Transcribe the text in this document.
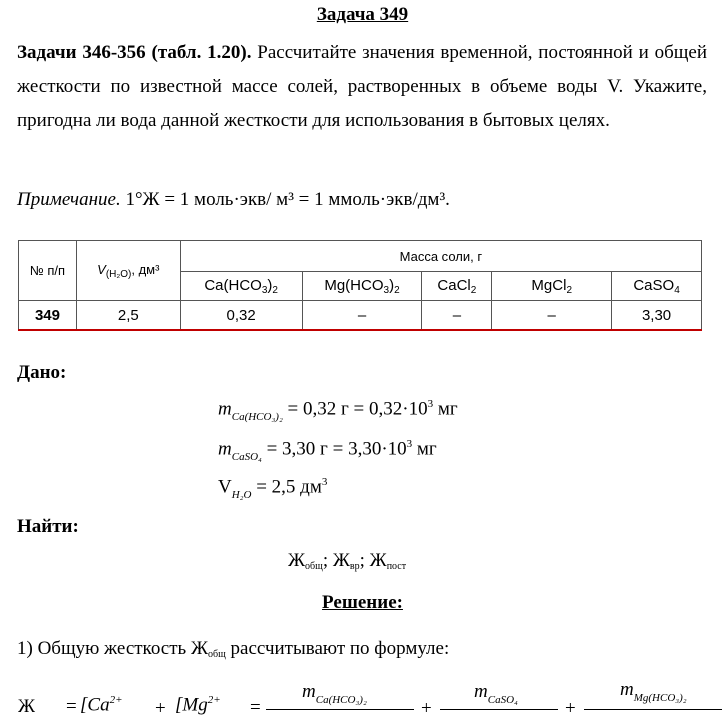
Задача 349
Задачи 346-356 (табл. 1.20). Рассчитайте значения временной, постоянной и общей жесткости по известной массе солей, растворенных в объеме воды V. Укажите, пригодна ли вода данной жесткости для использования в бытовых целях.
Примечание. 1°Ж = 1 моль·экв/ м³ = 1 ммоль·экв/дм³.
№ п/п	$V_{(H_2O)}$, дм³	Масса соли, г				
		$Ca(HCO_3)_2$	$Mg(HCO_3)_2$	CaCl$_2$	MgCl$_2$	CaSO$_4$
349	2,5	0,32	–	–	–	3,30
Дано:
$m_{Ca(HCO_3)_2} = 0,32$ $г = 0,32\cdot 10^3$ мг
$m_{CaSO_4} = 3,30$ $г = 3,30\cdot 10^3$ мг
$V_{H_2O} = 2,5$ $дм^3$
Найти:
$Ж_{общ}$; $Ж_{вр}$; $Ж_{пост}$
Решение:
1) Общую жесткость $Ж_{общ}$ рассчитывают по формуле:
$Ж = [Ca^{2+} + [Mg^{2+}$ =
$m_{Ca(HCO_3)_2}$	+
$m_{CaSO_4}$ +
$m_{Mg(HCO_3)_2}$
